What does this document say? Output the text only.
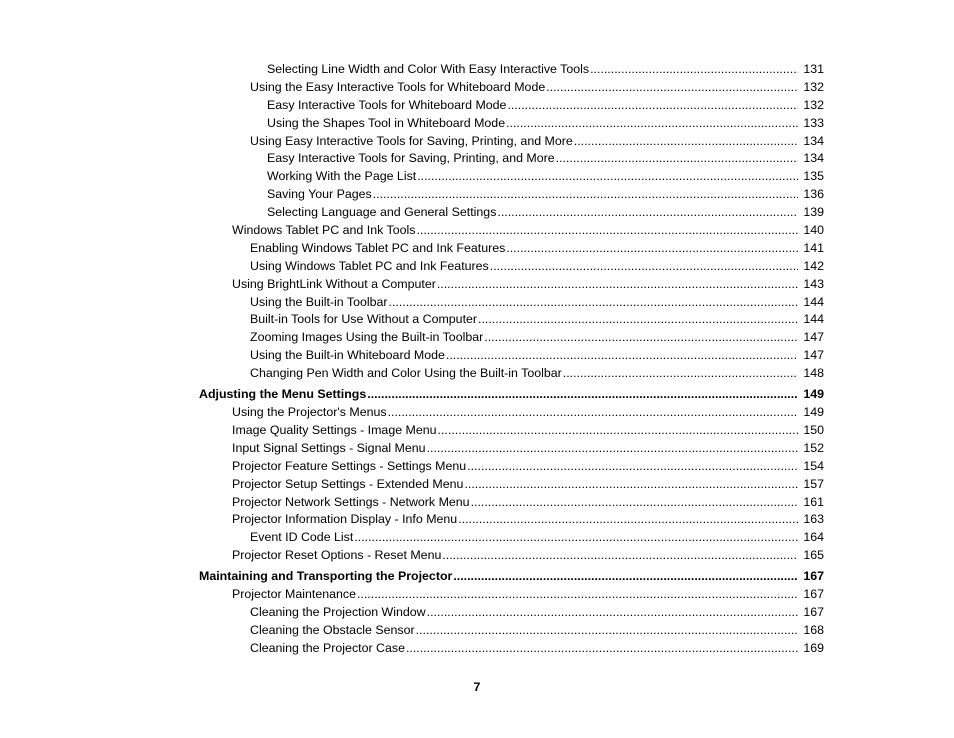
Selecting Line Width and Color With Easy Interactive Tools .....	131
Using the Easy Interactive Tools for Whiteboard Mode .....	132
Easy Interactive Tools for Whiteboard Mode .....	132
Using the Shapes Tool in Whiteboard Mode .....	133
Using Easy Interactive Tools for Saving, Printing, and More .....	134
Easy Interactive Tools for Saving, Printing, and More .....	134
Working With the Page List .....	135
Saving Your Pages .....	136
Selecting Language and General Settings .....	139
Windows Tablet PC and Ink Tools .....	140
Enabling Windows Tablet PC and Ink Features .....	141
Using Windows Tablet PC and Ink Features .....	142
Using BrightLink Without a Computer .....	143
Using the Built-in Toolbar .....	144
Built-in Tools for Use Without a Computer .....	144
Zooming Images Using the Built-in Toolbar .....	147
Using the Built-in Whiteboard Mode .....	147
Changing Pen Width and Color Using the Built-in Toolbar .....	148
Adjusting the Menu Settings .....	149
Using the Projector's Menus .....	149
Image Quality Settings - Image Menu .....	150
Input Signal Settings - Signal Menu .....	152
Projector Feature Settings - Settings Menu .....	154
Projector Setup Settings - Extended Menu .....	157
Projector Network Settings - Network Menu .....	161
Projector Information Display - Info Menu .....	163
Event ID Code List .....	164
Projector Reset Options - Reset Menu .....	165
Maintaining and Transporting the Projector .....	167
Projector Maintenance .....	167
Cleaning the Projection Window .....	167
Cleaning the Obstacle Sensor .....	168
Cleaning the Projector Case .....	169
7
